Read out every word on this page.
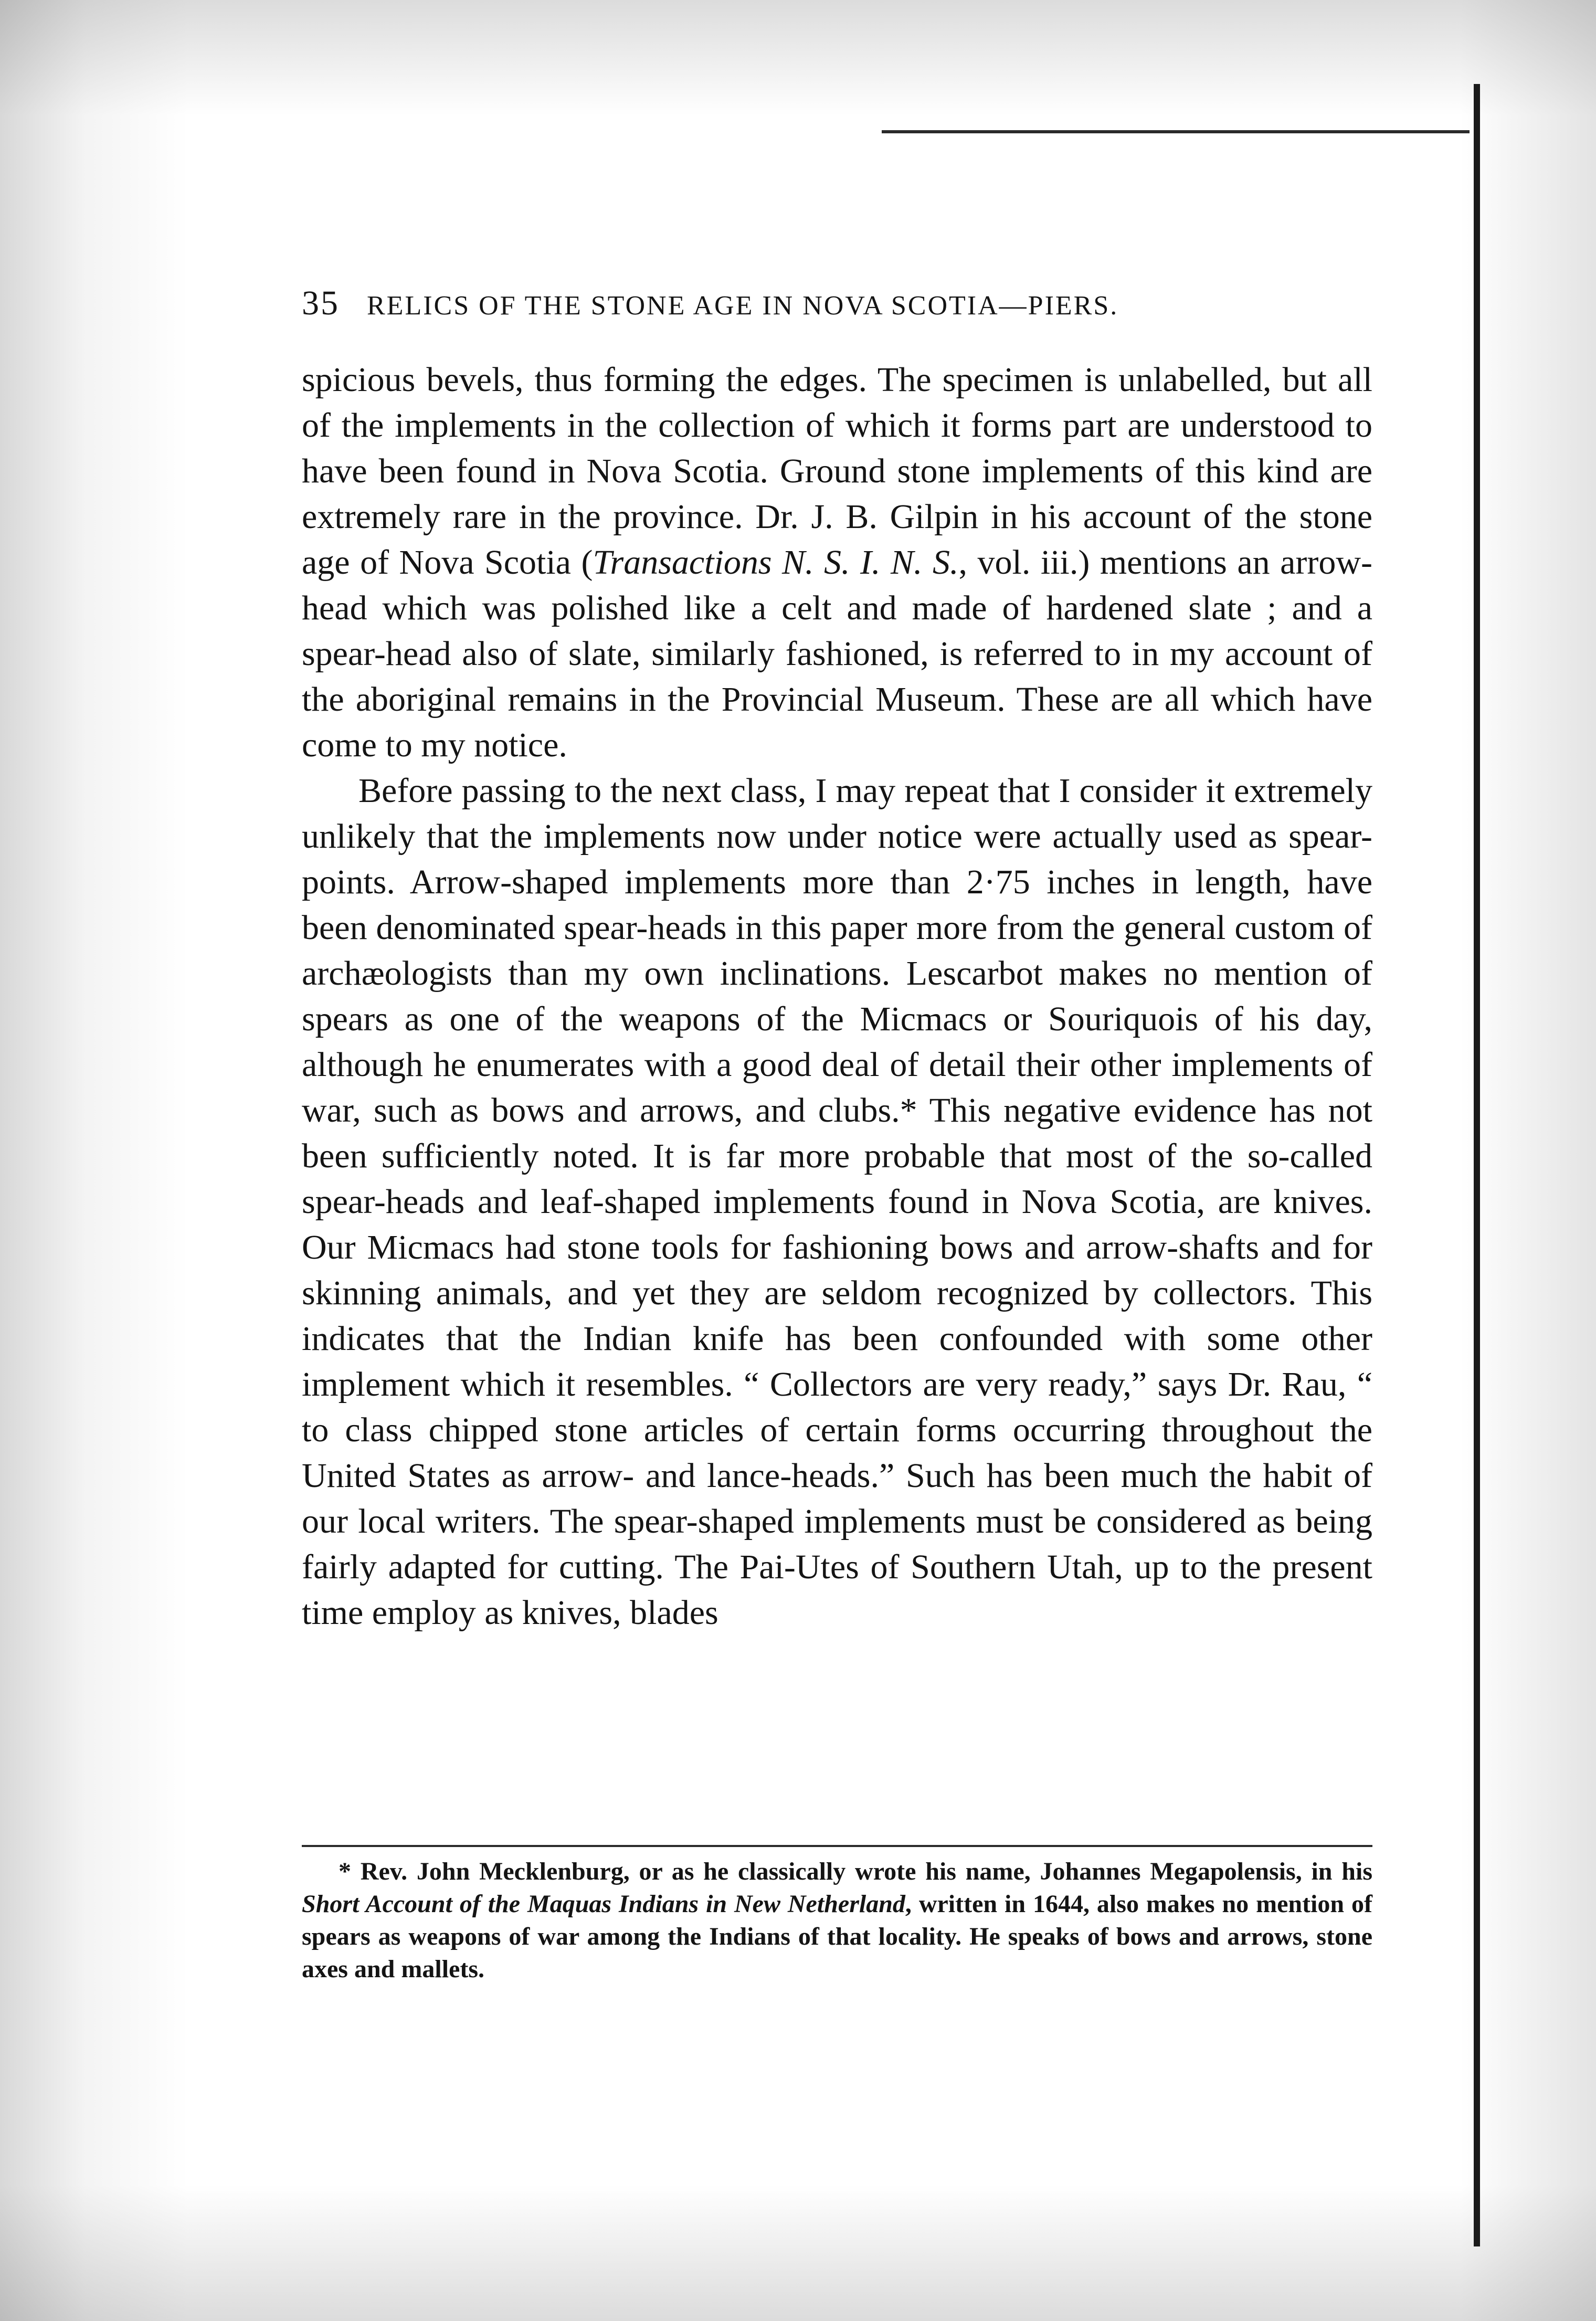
35 RELICS OF THE STONE AGE IN NOVA SCOTIA—PIERS.

spicious bevels, thus forming the edges. The specimen is unlabelled, but all of the implements in the collection of which it forms part are understood to have been found in Nova Scotia. Ground stone implements of this kind are extremely rare in the province. Dr. J. B. Gilpin in his account of the stone age of Nova Scotia (Transactions N. S. I. N. S., vol. iii.) mentions an arrow-head which was polished like a celt and made of hardened slate ; and a spear-head also of slate, similarly fashioned, is referred to in my account of the aboriginal remains in the Provincial Museum. These are all which have come to my notice.

Before passing to the next class, I may repeat that I consider it extremely unlikely that the implements now under notice were actually used as spear-points. Arrow-shaped implements more than 2·75 inches in length, have been denominated spear-heads in this paper more from the general custom of archæologists than my own inclinations. Lescarbot makes no mention of spears as one of the weapons of the Micmacs or Souriquois of his day, although he enumerates with a good deal of detail their other implements of war, such as bows and arrows, and clubs.* This negative evidence has not been sufficiently noted. It is far more probable that most of the so-called spear-heads and leaf-shaped implements found in Nova Scotia, are knives. Our Micmacs had stone tools for fashioning bows and arrow-shafts and for skinning animals, and yet they are seldom recognized by collectors. This indicates that the Indian knife has been confounded with some other implement which it resembles. “ Collectors are very ready,” says Dr. Rau, “ to class chipped stone articles of certain forms occurring throughout the United States as arrow- and lance-heads.” Such has been much the habit of our local writers. The spear-shaped implements must be considered as being fairly adapted for cutting. The Pai-Utes of Southern Utah, up to the present time employ as knives, blades

* Rev. John Mecklenburg, or as he classically wrote his name, Johannes Megapolensis, in his Short Account of the Maquas Indians in New Netherland, written in 1644, also makes no mention of spears as weapons of war among the Indians of that locality. He speaks of bows and arrows, stone axes and mallets.
